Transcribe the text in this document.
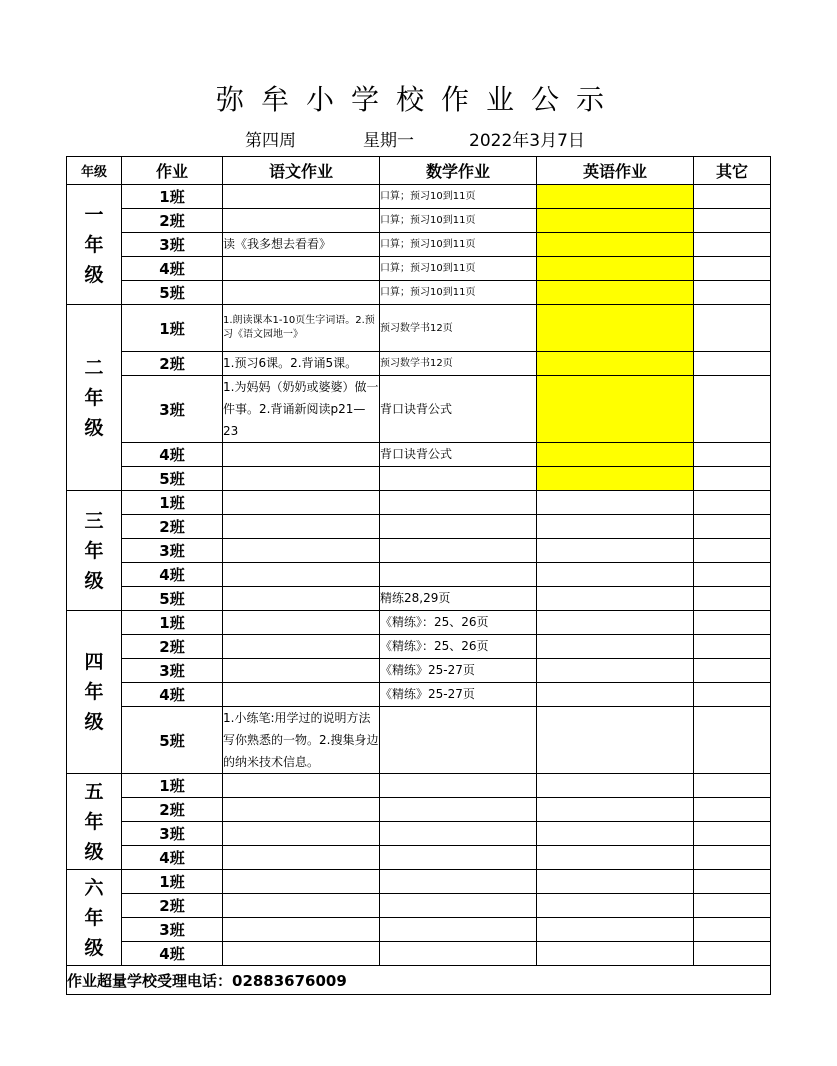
弥牟小学校作业公示
第四周	星期一	2022年3月7日
年级	作业	语文作业	数学作业	英语作业	其它

一
年
级	1班		口算；预习10到11页		
	2班		口算；预习10到11页		
	3班	读《我多想去看看》	口算；预习10到11页		
	4班		口算；预习10到11页		
	5班		口算；预习10到11页		

二
年
级	1班	1.朗读课本1-10页生字词语。2.预习《语文园地一》	预习数学书12页		
	2班	1.预习6课。2.背诵5课。	预习数学书12页		
	3班	1.为妈妈（奶奶或婆婆）做一件事。2.背诵新阅读p21—23	背口诀背公式		
	4班		背口诀背公式		
	5班				

三
年
级	1班				
	2班				
	3班				
	4班				
	5班		精练28,29页		

四
年
级	1班		《精练》：25、26页		
	2班		《精练》：25、26页		
	3班		《精练》25-27页		
	4班		《精练》25-27页		
	5班	1.小练笔:用学过的说明方法写你熟悉的一物。2.搜集身边的纳米技术信息。			

五
年
级	1班				
	2班				
	3班				
	4班				

六
年
级	1班				
	2班				
	3班				
	4班				
作业超量学校受理电话：02883676009					
